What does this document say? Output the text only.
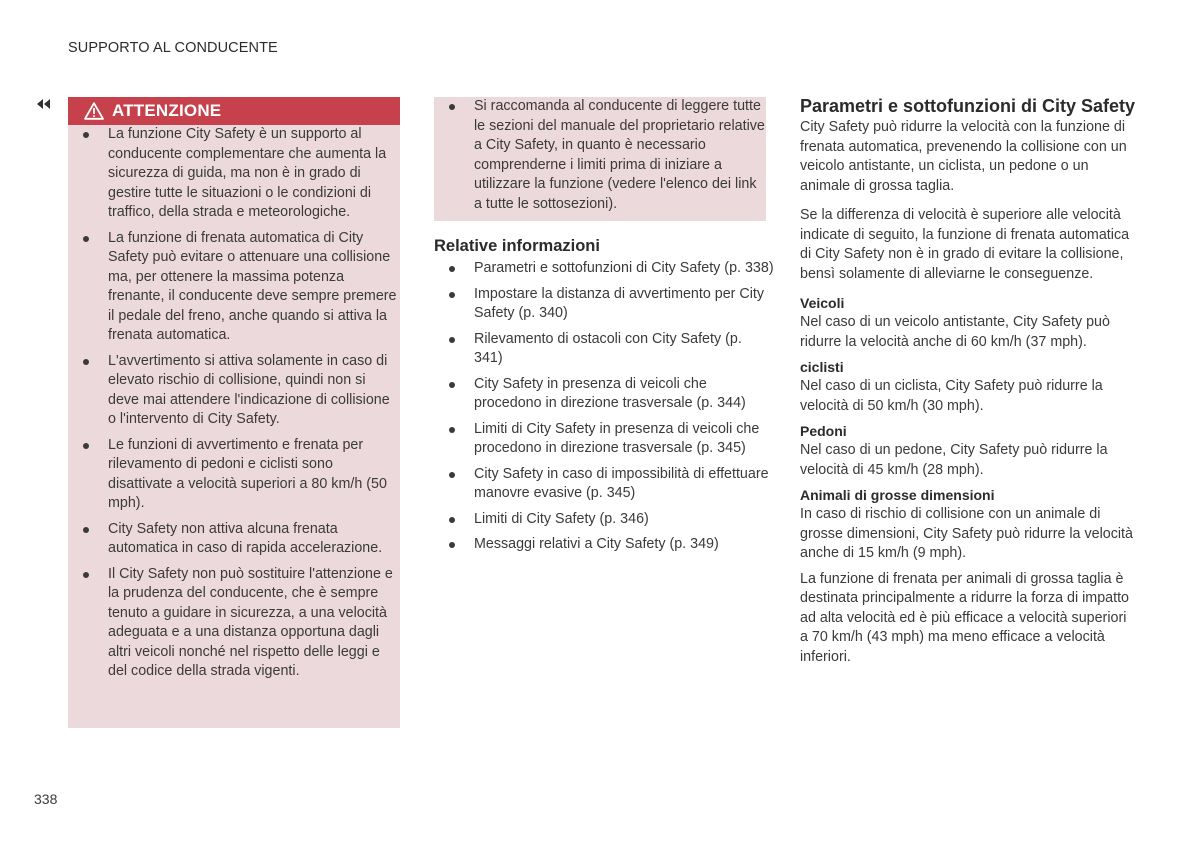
SUPPORTO AL CONDUCENTE
ATTENZIONE
La funzione City Safety è un supporto al conducente complementare che aumenta la sicurezza di guida, ma non è in grado di gestire tutte le situazioni o le condizioni di traffico, della strada e meteorologiche.
La funzione di frenata automatica di City Safety può evitare o attenuare una collisione ma, per ottenere la massima potenza frenante, il conducente deve sempre premere il pedale del freno, anche quando si attiva la frenata automatica.
L'avvertimento si attiva solamente in caso di elevato rischio di collisione, quindi non si deve mai attendere l'indicazione di collisione o l'intervento di City Safety.
Le funzioni di avvertimento e frenata per rilevamento di pedoni e ciclisti sono disattivate a velocità superiori a 80 km/h (50 mph).
City Safety non attiva alcuna frenata automatica in caso di rapida accelerazione.
Il City Safety non può sostituire l'attenzione e la prudenza del conducente, che è sempre tenuto a guidare in sicurezza, a una velocità adeguata e a una distanza opportuna dagli altri veicoli nonché nel rispetto delle leggi e del codice della strada vigenti.
Si raccomanda al conducente di leggere tutte le sezioni del manuale del proprietario relative a City Safety, in quanto è necessario comprenderne i limiti prima di iniziare a utilizzare la funzione (vedere l'elenco dei link a tutte le sottosezioni).
Relative informazioni
Parametri e sottofunzioni di City Safety (p. 338)
Impostare la distanza di avvertimento per City Safety (p. 340)
Rilevamento di ostacoli con City Safety (p. 341)
City Safety in presenza di veicoli che procedono in direzione trasversale (p. 344)
Limiti di City Safety in presenza di veicoli che procedono in direzione trasversale (p. 345)
City Safety in caso di impossibilità di effettuare manovre evasive (p. 345)
Limiti di City Safety (p. 346)
Messaggi relativi a City Safety (p. 349)
Parametri e sottofunzioni di City Safety

City Safety può ridurre la velocità con la funzione di frenata automatica, prevenendo la collisione con un veicolo antistante, un ciclista, un pedone o un animale di grossa taglia.

Se la differenza di velocità è superiore alle velocità indicate di seguito, la funzione di frenata automatica di City Safety non è in grado di evitare la collisione, bensì solamente di alleviarne le conseguenze.

Veicoli

Nel caso di un veicolo antistante, City Safety può ridurre la velocità anche di 60 km/h (37 mph).

ciclisti

Nel caso di un ciclista, City Safety può ridurre la velocità di 50 km/h (30 mph).

Pedoni

Nel caso di un pedone, City Safety può ridurre la velocità di 45 km/h (28 mph).

Animali di grosse dimensioni

In caso di rischio di collisione con un animale di grosse dimensioni, City Safety può ridurre la velocità anche di 15 km/h (9 mph).

La funzione di frenata per animali di grossa taglia è destinata principalmente a ridurre la forza di impatto ad alta velocità ed è più efficace a velocità superiori a 70 km/h (43 mph) ma meno efficace a velocità inferiori.

338
